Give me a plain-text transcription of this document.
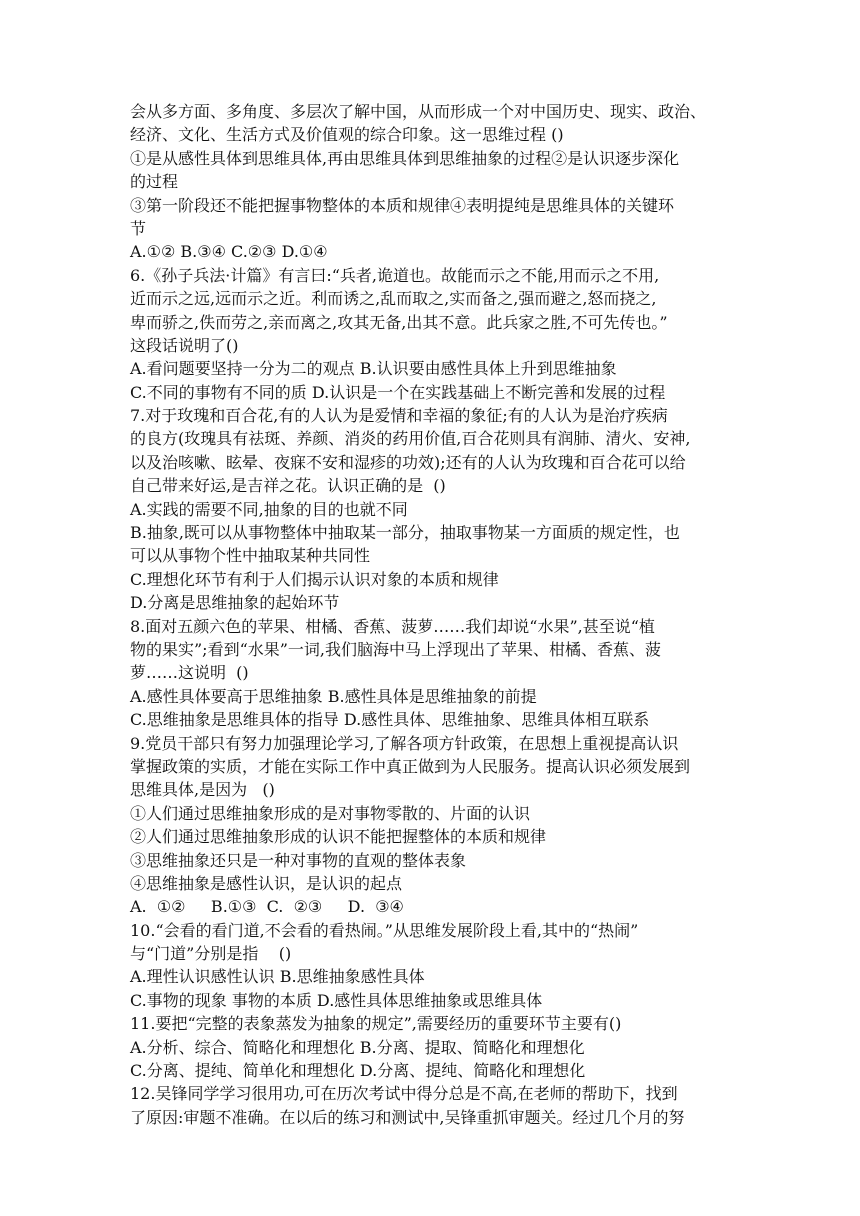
会从多方面、多角度、多层次了解中国，从而形成一个对中国历史、现实、政治、
经济、文化、生活方式及价值观的综合印象。这一思维过程 ()
①是从感性具体到思维具体,再由思维具体到思维抽象的过程②是认识逐步深化
的过程
③第一阶段还不能把握事物整体的本质和规律④表明提纯是思维具体的关键环
节
A.①② B.③④ C.②③ D.①④
6.《孙子兵法·计篇》有言曰:“兵者,诡道也。故能而示之不能,用而示之不用,
近而示之远,远而示之近。利而诱之,乱而取之,实而备之,强而避之,怒而挠之,
卑而骄之,佚而劳之,亲而离之,攻其无备,出其不意。此兵家之胜,不可先传也。”
这段话说明了()
A.看问题要坚持一分为二的观点 B.认识要由感性具体上升到思维抽象
C.不同的事物有不同的质 D.认识是一个在实践基础上不断完善和发展的过程
7.对于玫瑰和百合花,有的人认为是爱情和幸福的象征;有的人认为是治疗疾病
的良方(玫瑰具有祛斑、养颜、消炎的药用价值,百合花则具有润肺、清火、安神,
以及治咳嗽、眩晕、夜寐不安和湿疹的功效);还有的人认为玫瑰和百合花可以给
自己带来好运,是吉祥之花。认识正确的是  ()
A.实践的需要不同,抽象的目的也就不同
B.抽象,既可以从事物整体中抽取某一部分，抽取事物某一方面质的规定性，也
可以从事物个性中抽取某种共同性
C.理想化环节有利于人们揭示认识对象的本质和规律
D.分离是思维抽象的起始环节
8.面对五颜六色的苹果、柑橘、香蕉、菠萝……我们却说“水果”,甚至说“植
物的果实”;看到“水果”一词,我们脑海中马上浮现出了苹果、柑橘、香蕉、菠
萝……这说明  ()
A.感性具体要高于思维抽象 B.感性具体是思维抽象的前提
C.思维抽象是思维具体的指导 D.感性具体、思维抽象、思维具体相互联系
9.党员干部只有努力加强理论学习,了解各项方针政策，在思想上重视提高认识
掌握政策的实质，才能在实际工作中真正做到为人民服务。提高认识必须发展到
思维具体,是因为   ()
①人们通过思维抽象形成的是对事物零散的、片面的认识
②人们通过思维抽象形成的认识不能把握整体的本质和规律
③思维抽象还只是一种对事物的直观的整体表象
④思维抽象是感性认识，是认识的起点
A.  ①②     B.①③  C.  ②③     D.  ③④
10.“会看的看门道,不会看的看热闹。”从思维发展阶段上看,其中的“热闹”
与“门道”分别是指    ()
A.理性认识感性认识 B.思维抽象感性具体
C.事物的现象 事物的本质 D.感性具体思维抽象或思维具体
11.要把“完整的表象蒸发为抽象的规定”,需要经历的重要环节主要有()
A.分析、综合、简略化和理想化 B.分离、提取、简略化和理想化
C.分离、提纯、简单化和理想化 D.分离、提纯、简略化和理想化
12.吴锋同学学习很用功,可在历次考试中得分总是不高,在老师的帮助下，找到
了原因:审题不准确。在以后的练习和测试中,吴锋重抓审题关。经过几个月的努
